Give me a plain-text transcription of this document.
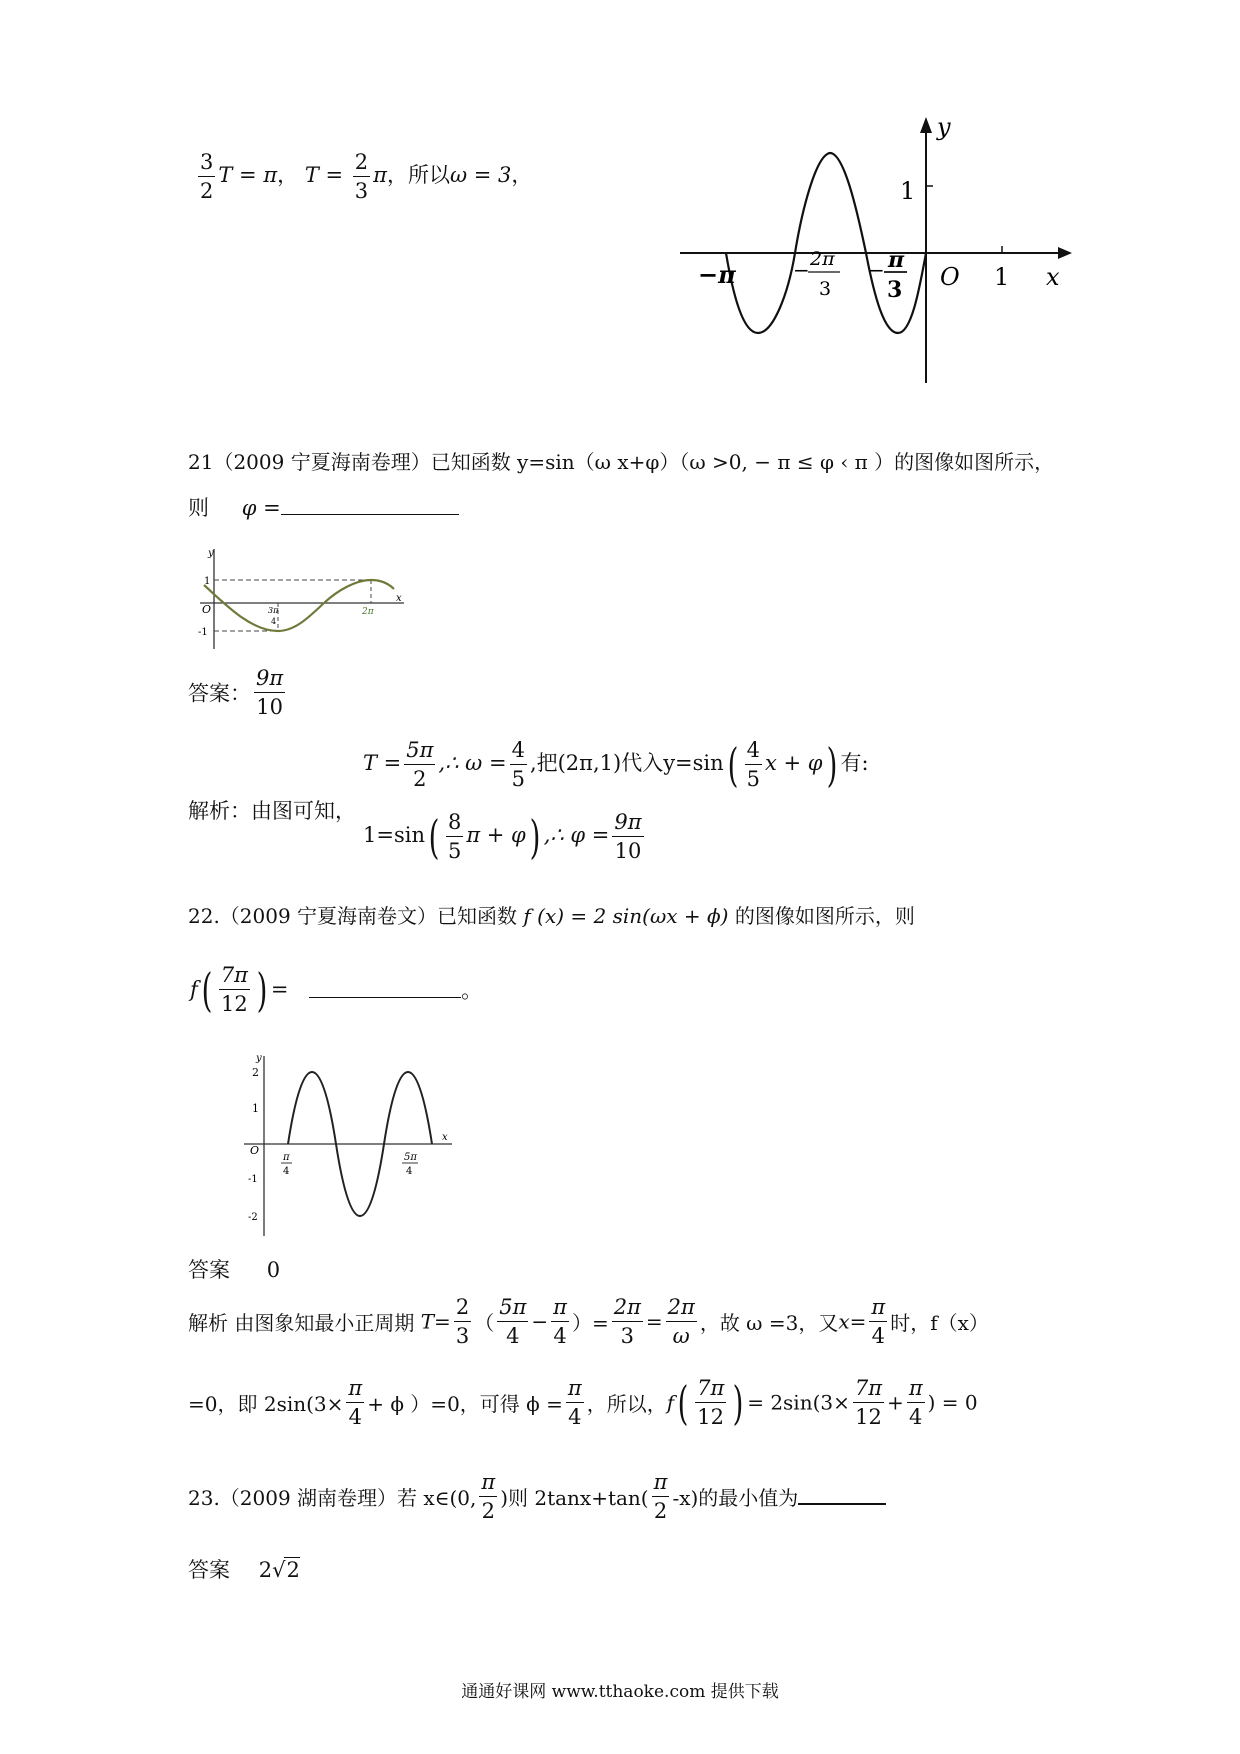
$\frac{3}{2}$ T = π， $T = \frac{2}{3}$ π，所以ω = 3，
y
x
1
O 1
−π	− 2π
3
− π
3
21（2009 宁夏海南卷理）已知函数 y=sin（ω x+φ）（ω >0, − π ≤ φ ‹ π ）的图像如图所示，
则 φ =
y
x
O
1
-1
3π
4
2π
答案： $\frac{9\pi}{10}$
解析：由图可知，
$T = \frac{5\pi}{2}$ ,∴ $\omega = \frac{4}{5}$ ,把(2π,1)代入$y=\sin( \frac{4}{5}$ x + φ) 有:
$1=\sin( \frac{8}{5}$ π + φ) ,∴ $\varphi = \frac{9\pi}{10}$
22.（2009 宁夏海南卷文）已知函数 f (x) = 2 sin(ωx + ϕ) 的图像如图所示，则
$f( \frac{7\pi}{12}$ ) =	。
y
x
O
2
1
-1
-2
π
4
5π
4
答案 0
解析 由图象知最小正周期 $T= \frac{2}{3}$ （ $\frac{5\pi}{4} - \frac{\pi}{4}$ ）= $\frac{2\pi}{3} = \frac{2\pi}{\omega}$ ，故 ω =3，又$x= \frac{\pi}{4}$ 时，f（x）
=0，即 $2\sin(3\times \frac{\pi}{4} + \phi$ ）=0，可得 $\phi = \frac{\pi}{4}$ ，所以，$f( \frac{7\pi}{12}$ ) = $2\sin(3\times \frac{7\pi}{12} + \frac{\pi}{4}$ ) = 0
23.（2009 湖南卷理）若 x∈(0, $\frac{\pi}{2}$ )则 $2\tan x+\tan( \frac{\pi}{2} -x)$的最小值为
答案 2√2
通通好课网 www.tthaoke.com 提供下载
